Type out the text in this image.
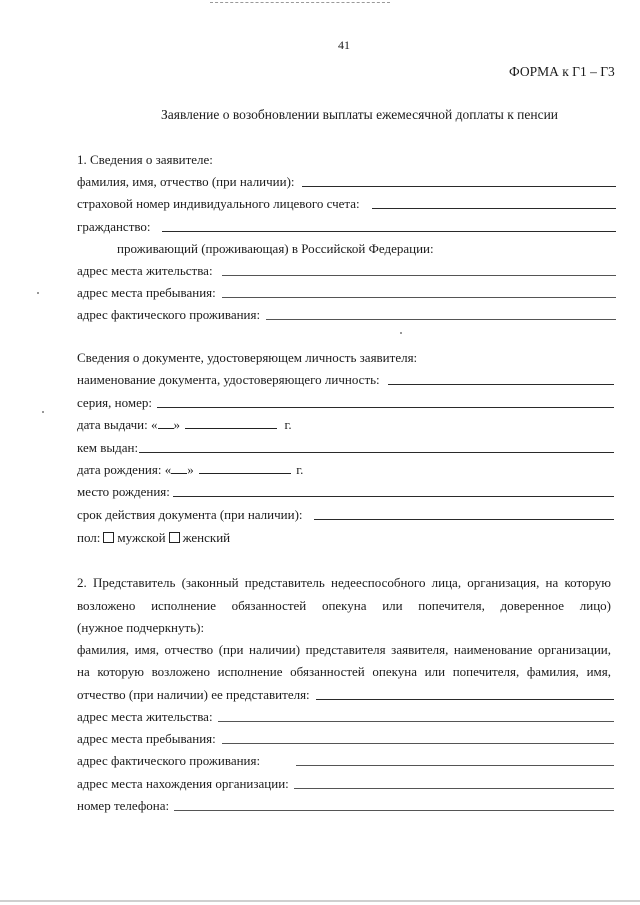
41
ФОРМА к Г1 – Г3
Заявление о возобновлении выплаты ежемесячной доплаты к пенсии
1. Сведения о заявителе:
фамилия, имя, отчество (при наличии):
страховой номер индивидуального лицевого счета:
гражданство:
проживающий (проживающая) в Российской Федерации:
адрес места жительства:
адрес места пребывания:
адрес фактического проживания:
Сведения о документе, удостоверяющем личность заявителя:
наименование документа, удостоверяющего личность:
серия, номер:
дата выдачи: « »	г.
кем выдан:
дата рождения: « »	г.
место рождения:
срок действия документа (при наличии):
пол: мужской женский
2. Представитель (законный представитель недееспособного лица, организация, на которую
возложено исполнение обязанностей опекуна или попечителя, доверенное лицо)
(нужное подчеркнуть):
фамилия, имя, отчество (при наличии) представителя заявителя, наименование организации,
на которую возложено исполнение обязанностей опекуна или попечителя, фамилия, имя,
отчество (при наличии) ее представителя:
адрес места жительства:
адрес места пребывания:
адрес фактического проживания:
адрес места нахождения организации:
номер телефона:
